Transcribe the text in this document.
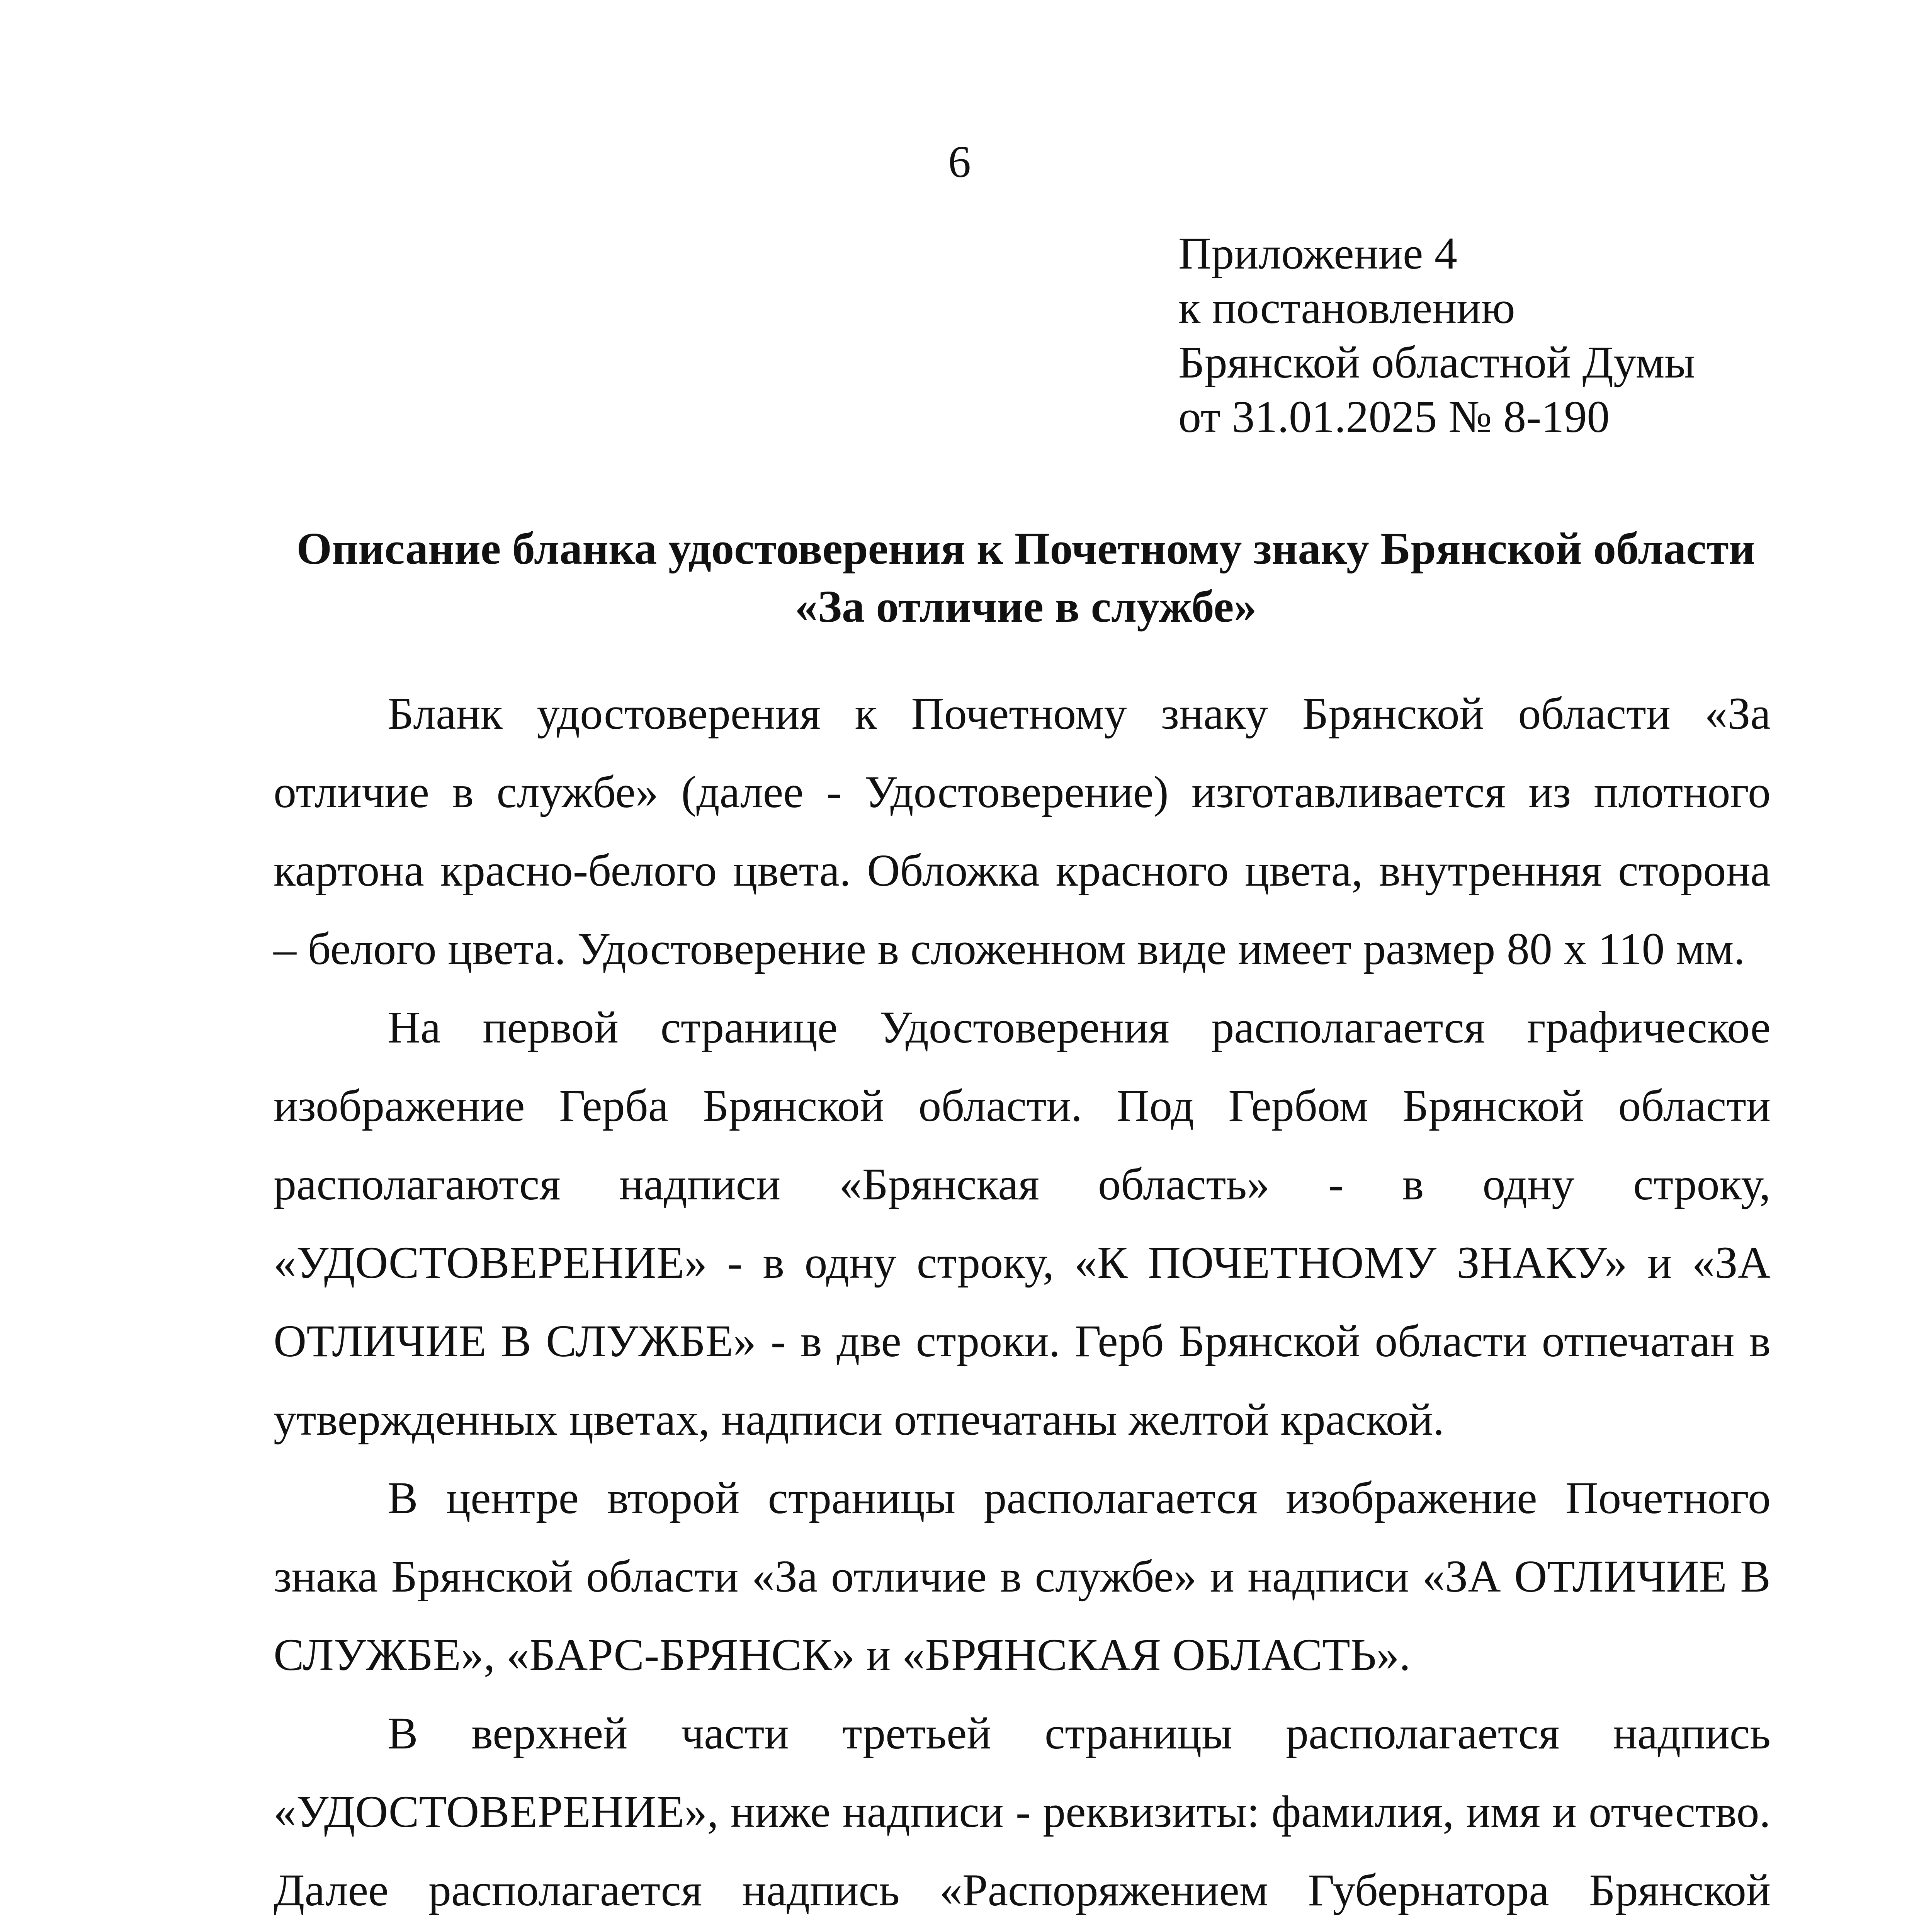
6
Приложение 4
к постановлению
Брянской областной Думы
от 31.01.2025 № 8-190
Описание бланка удостоверения к Почетному знаку Брянской области
«За отличие в службе»

Бланк удостоверения к Почетному знаку Брянской области «За отличие в службе» (далее - Удостоверение) изготавливается из плотного картона красно-белого цвета. Обложка красного цвета, внутренняя сторона – белого цвета. Удостоверение в сложенном виде имеет размер 80 х 110 мм.

На первой странице Удостоверения располагается графическое изображение Герба Брянской области. Под Гербом Брянской области располагаются надписи «Брянская область» - в одну строку, «УДОСТОВЕРЕНИЕ» - в одну строку, «К ПОЧЕТНОМУ ЗНАКУ» и «ЗА ОТЛИЧИЕ В СЛУЖБЕ» - в две строки. Герб Брянской области отпечатан в утвержденных цветах, надписи отпечатаны желтой краской.

В центре второй страницы располагается изображение Почетного знака Брянской области «За отличие в службе» и надписи «ЗА ОТЛИЧИЕ В СЛУЖБЕ», «БАРС-БРЯНСК» и «БРЯНСКАЯ ОБЛАСТЬ».

В верхней части третьей страницы располагается надпись «УДОСТОВЕРЕНИЕ», ниже надписи - реквизиты: фамилия, имя и отчество. Далее располагается надпись «Распоряжением Губернатора Брянской
